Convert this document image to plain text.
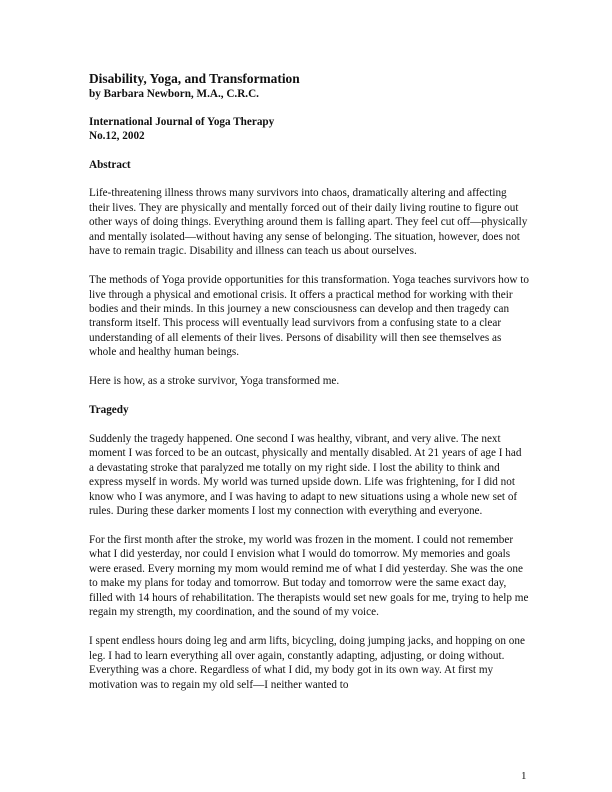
Disability, Yoga, and Transformation

by Barbara Newborn, M.A., C.R.C.

International Journal of Yoga Therapy

No.12, 2002

Abstract

Life-threatening illness throws many survivors into chaos, dramatically altering and affecting their lives. They are physically and mentally forced out of their daily living routine to figure out other ways of doing things. Everything around them is falling apart. They feel cut off—physically and mentally isolated—without having any sense of belonging. The situation, however, does not have to remain tragic. Disability and illness can teach us about ourselves.

The methods of Yoga provide opportunities for this transformation. Yoga teaches survivors how to live through a physical and emotional crisis. It offers a practical method for working with their bodies and their minds. In this journey a new consciousness can develop and then tragedy can transform itself. This process will eventually lead survivors from a confusing state to a clear understanding of all elements of their lives. Persons of disability will then see themselves as whole and healthy human beings.

Here is how, as a stroke survivor, Yoga transformed me.

Tragedy

Suddenly the tragedy happened. One second I was healthy, vibrant, and very alive. The next moment I was forced to be an outcast, physically and mentally disabled. At 21 years of age I had a devastating stroke that paralyzed me totally on my right side. I lost the ability to think and express myself in words. My world was turned upside down. Life was frightening, for I did not know who I was anymore, and I was having to adapt to new situations using a whole new set of rules. During these darker moments I lost my connection with everything and everyone.

For the first month after the stroke, my world was frozen in the moment. I could not remember what I did yesterday, nor could I envision what I would do tomorrow. My memories and goals were erased. Every morning my mom would remind me of what I did yesterday. She was the one to make my plans for today and tomorrow. But today and tomorrow were the same exact day, filled with 14 hours of rehabilitation. The therapists would set new goals for me, trying to help me regain my strength, my coordination, and the sound of my voice.

I spent endless hours doing leg and arm lifts, bicycling, doing jumping jacks, and hopping on one leg. I had to learn everything all over again, constantly adapting, adjusting, or doing without. Everything was a chore. Regardless of what I did, my body got in its own way. At first my motivation was to regain my old self—I neither wanted to

1
